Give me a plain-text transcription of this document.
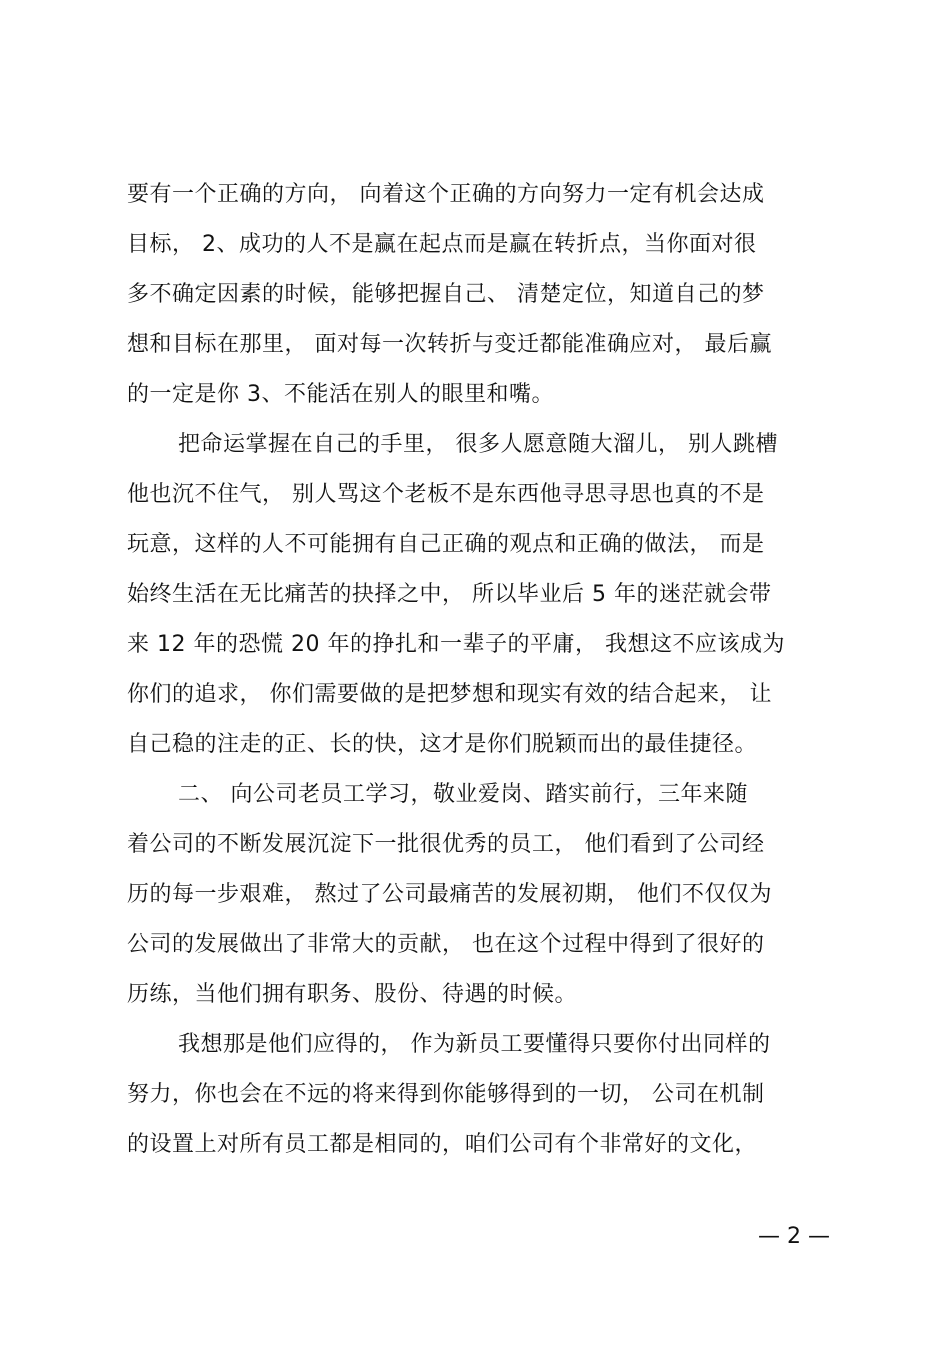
要有一个正确的方向， 向着这个正确的方向努力一定有机会达成
目标， 2、成功的人不是赢在起点而是赢在转折点，当你面对很
多不确定因素的时候，能够把握自己、 清楚定位，知道自己的梦
想和目标在那里， 面对每一次转折与变迁都能准确应对， 最后赢
的一定是你 3、不能活在别人的眼里和嘴。
把命运掌握在自己的手里， 很多人愿意随大溜儿， 别人跳槽
他也沉不住气， 别人骂这个老板不是东西他寻思寻思也真的不是
玩意，这样的人不可能拥有自己正确的观点和正确的做法， 而是
始终生活在无比痛苦的抉择之中， 所以毕业后 5 年的迷茫就会带
来 12 年的恐慌 20 年的挣扎和一辈子的平庸， 我想这不应该成为
你们的追求， 你们需要做的是把梦想和现实有效的结合起来， 让
自己稳的注走的正、长的快，这才是你们脱颖而出的最佳捷径。
二、 向公司老员工学习，敬业爱岗、踏实前行，三年来随
着公司的不断发展沉淀下一批很优秀的员工， 他们看到了公司经
历的每一步艰难， 熬过了公司最痛苦的发展初期， 他们不仅仅为
公司的发展做出了非常大的贡献， 也在这个过程中得到了很好的
历练，当他们拥有职务、股份、待遇的时候。
我想那是他们应得的， 作为新员工要懂得只要你付出同样的
努力，你也会在不远的将来得到你能够得到的一切， 公司在机制
的设置上对所有员工都是相同的，咱们公司有个非常好的文化，
— 2 —
